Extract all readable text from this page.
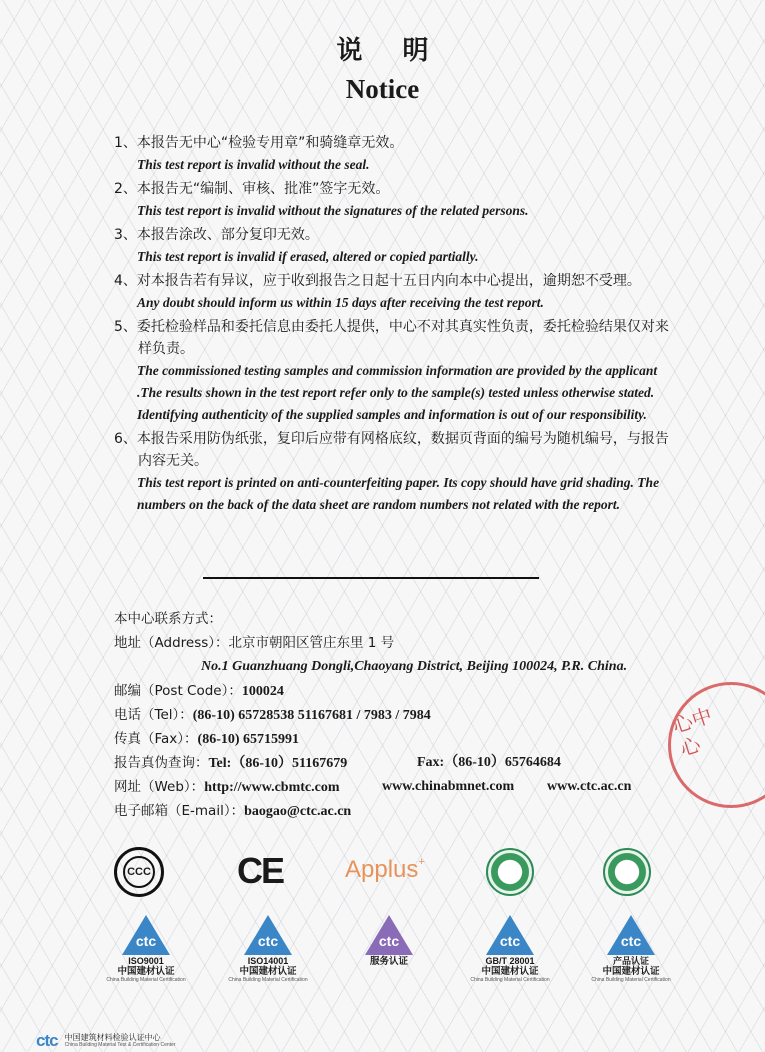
说明
Notice
1、本报告无中心“检验专用章”和骑缝章无效。
This test report is invalid without the seal.
2、本报告无“编制、审核、批准”签字无效。
This test report is invalid without the signatures of the related persons.
3、本报告涂改、部分复印无效。
This test report is invalid if erased, altered or copied partially.
4、对本报告若有异议，应于收到报告之日起十五日内向本中心提出，逾期恕不受理。
Any doubt should inform us within 15 days after receiving the test report.
5、委托检验样品和委托信息由委托人提供，中心不对其真实性负责，委托检验结果仅对来样负责。
The commissioned testing samples and commission information are provided by the applicant .The results shown in the test report refer only to the sample(s) tested unless otherwise stated. Identifying authenticity of the supplied samples and information is out of our responsibility.
6、本报告采用防伪纸张，复印后应带有网格底纹，数据页背面的编号为随机编号，与报告内容无关。
This test report is printed on anti-counterfeiting paper. Its copy should have grid shading. The numbers on the back of the data sheet are random numbers not related with the report.
本中心联系方式：
地址（Address）：北京市朝阳区管庄东里 1 号
No.1 Guanzhuang Dongli,Chaoyang District, Beijing 100024, P.R. China.
邮编（Post Code）：100024
电话（Tel）：(86-10) 65728538 51167681 / 7983 / 7984
传真（Fax）：(86-10) 65715991
报告真伪查询：Tel:（86-10）51167679	Fax:（86-10）65764684
网址（Web）：http://www.cbmtc.com	www.chinabmnet.com www.ctc.ac.cn
电子邮箱（E-mail）：baogao@ctc.ac.cn
心中心
CCC CE	Applus+
ctc
ISO9001
中国建材认证
China Building Material Certification
ctc
ISO14001
中国建材认证
China Building Material Certification
ctc
服务认证
ctc
GB/T 28001
中国建材认证
China Building Material Certification
ctc
产品认证
中国建材认证
China Building Material Certification
ctc 中国建筑材料检验认证中心
China Building Material Test & Certification Center
